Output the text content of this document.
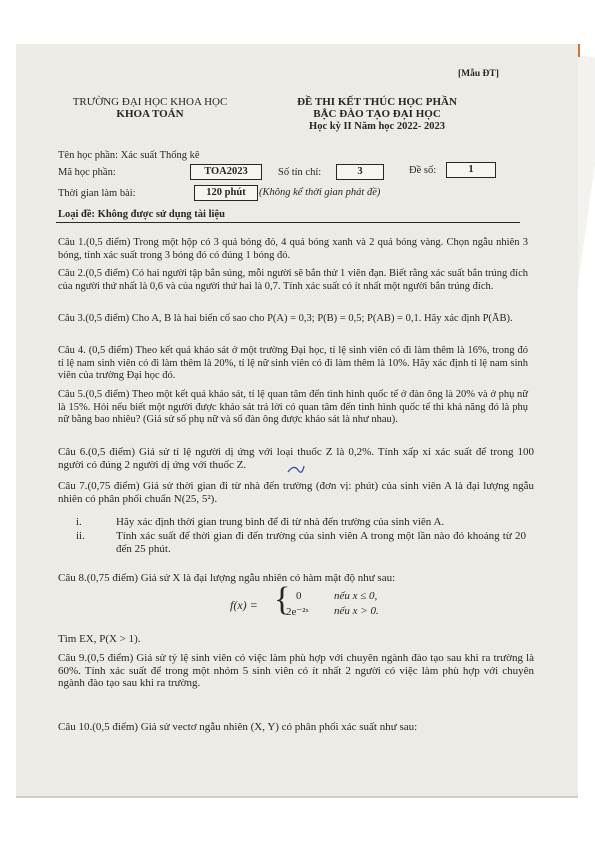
[Mẫu ĐT]
TRƯỜNG ĐẠI HỌC KHOA HỌC
KHOA TOÁN
ĐỀ THI KẾT THÚC HỌC PHẦN
BẬC ĐÀO TẠO ĐẠI HỌC
Học kỳ II Năm học 2022- 2023
Tên học phần: Xác suất Thống kê
Mã học phần:	TOA2023	Số tín chỉ:	3	Đề số:	1
Thời gian làm bài:	120 phút	(Không kể thời gian phát đề)
Loại đề: Không được sử dụng tài liệu
Câu 1.(0,5 điểm) Trong một hộp có 3 quả bóng đỏ, 4 quả bóng xanh và 2 quả bóng vàng. Chọn ngẫu nhiên 3 bóng, tính xác suất trong 3 bóng đó có đúng 1 bóng đỏ.
Câu 2.(0,5 điểm) Có hai người tập bắn súng, mỗi người sẽ bắn thử 1 viên đạn. Biết rằng xác suất bắn trúng đích của người thứ nhất là 0,6 và của người thứ hai là 0,7. Tính xác suất có ít nhất một người bắn trúng đích.
Câu 3.(0,5 điểm) Cho A, B là hai biến cố sao cho P(A) = 0,3; P(B) = 0,5; P(AB) = 0,1. Hãy xác định P(ĀB).
Câu 4. (0,5 điểm) Theo kết quả khảo sát ở một trường Đại học, tỉ lệ sinh viên có đi làm thêm là 16%, trong đó tỉ lệ nam sinh viên có đi làm thêm là 20%, tỉ lệ nữ sinh viên có đi làm thêm là 10%. Hãy xác định tỉ lệ nam sinh viên của trường Đại học đó.
Câu 5.(0,5 điểm) Theo một kết quả khảo sát, tỉ lệ quan tâm đến tình hình quốc tế ở đàn ông là 20% và ở phụ nữ là 15%. Hỏi nếu biết một người được khảo sát trả lời có quan tâm đến tình hình quốc tế thì khả năng đó là phụ nữ bằng bao nhiêu? (Giả sử số phụ nữ và số đàn ông được khảo sát là như nhau).
Câu 6.(0,5 điểm) Giả sử tỉ lệ người dị ứng với loại thuốc Z là 0,2%. Tính xấp xỉ xác suất để trong 100 người có đúng 2 người dị ứng với thuốc Z.
Câu 7.(0,75 điểm) Giả sử thời gian đi từ nhà đến trường (đơn vị: phút) của sinh viên A là đại lượng ngẫu nhiên có phân phối chuẩn N(25, 5²).
i.	Hãy xác định thời gian trung bình để đi từ nhà đến trường của sinh viên A.
ii.	Tính xác suất để thời gian đi đến trường của sinh viên A trong một lần nào đó khoảng từ 20 đến 25 phút.
Câu 8.(0,75 điểm) Giả sử X là đại lượng ngẫu nhiên có hàm mật độ như sau:
f(x) = { 0	nếu x ≤ 0,
2e⁻²ˣ nếu x > 0.
Tìm EX, P(X > 1).
Câu 9.(0,5 điểm) Giả sử tỷ lệ sinh viên có việc làm phù hợp với chuyên ngành đào tạo sau khi ra trường là 60%. Tính xác suất để trong một nhóm 5 sinh viên có ít nhất 2 người có việc làm phù hợp với chuyên ngành đào tạo sau khi ra trường.
Câu 10.(0,5 điểm) Giả sử vectơ ngẫu nhiên (X, Y) có phân phối xác suất như sau:
